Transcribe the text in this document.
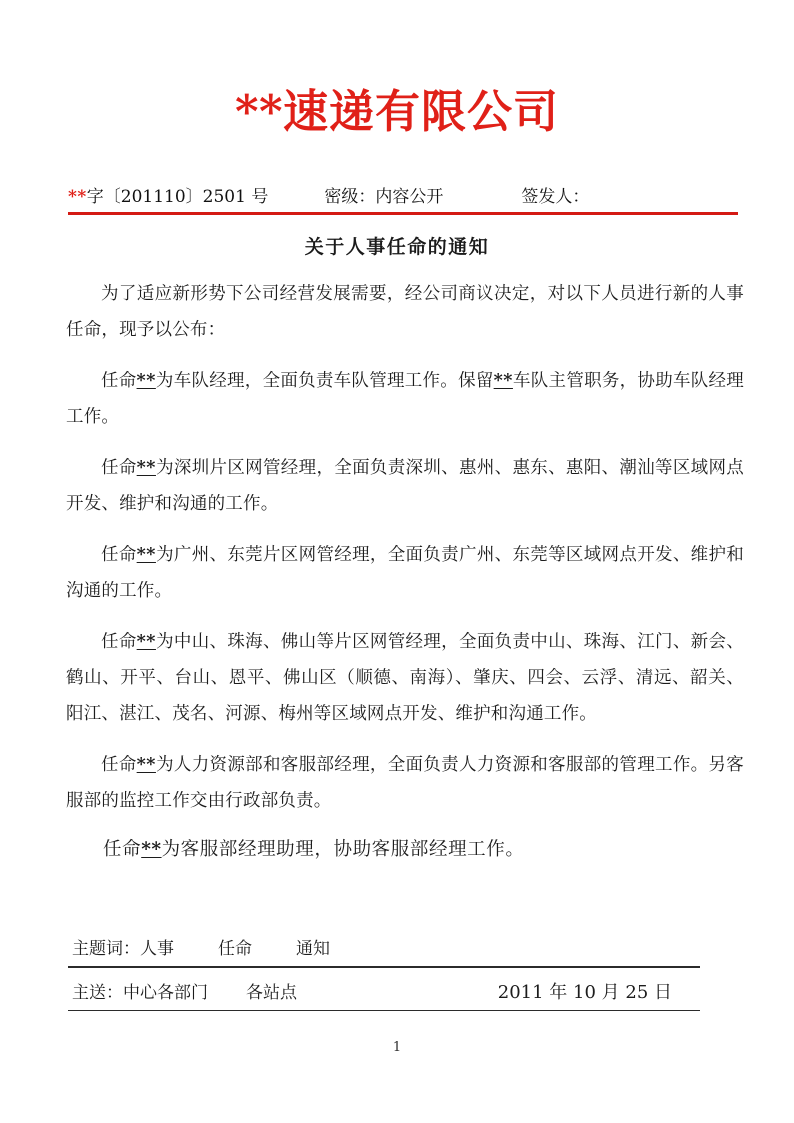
**速递有限公司
**字〔201110〕2501 号	密级：内容公开	签发人：
关于人事任命的通知

为了适应新形势下公司经营发展需要，经公司商议决定，对以下人员进行新的人事任命，现予以公布：

任命**为车队经理，全面负责车队管理工作。保留**车队主管职务，协助车队经理工作。

任命**为深圳片区网管经理，全面负责深圳、惠州、惠东、惠阳、潮汕等区域网点开发、维护和沟通的工作。

任命**为广州、东莞片区网管经理，全面负责广州、东莞等区域网点开发、维护和沟通的工作。

任命**为中山、珠海、佛山等片区网管经理，全面负责中山、珠海、江门、新会、鹤山、开平、台山、恩平、佛山区（顺德、南海）、肇庆、四会、云浮、清远、韶关、阳江、湛江、茂名、河源、梅州等区域网点开发、维护和沟通工作。

任命**为人力资源部和客服部经理，全面负责人力资源和客服部的管理工作。另客服部的监控工作交由行政部负责。

任命**为客服部经理助理，协助客服部经理工作。

主题词： 人事	任命	通知
主送： 中心各部门 各站点	2011 年 10 月 25 日
1
